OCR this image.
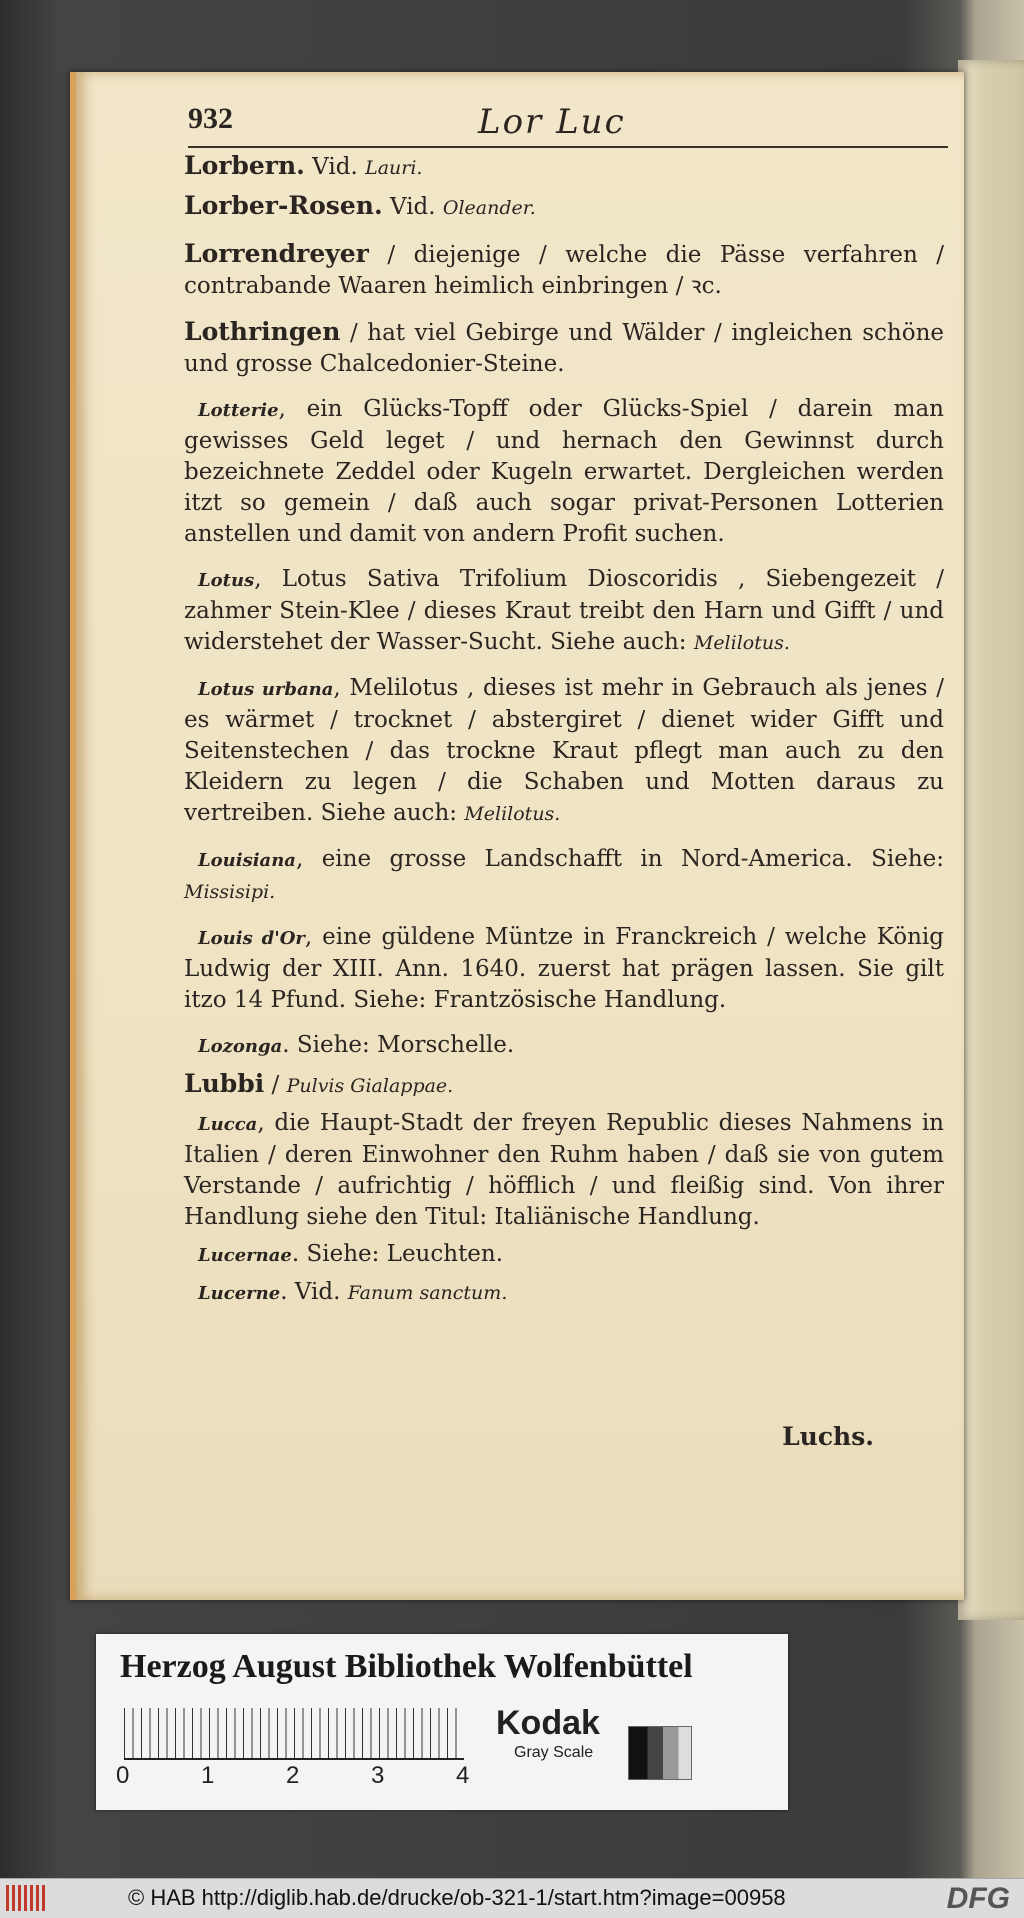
932	Lor Luc

Lorbern. Vid. Lauri.

Lorber-Rosen. Vid. Oleander.

Lorrendreyer / diejenige / welche die Pässe verfahren / contrabande Waaren heimlich einbringen / ꝛc.

Lothringen / hat viel Gebirge und Wälder / ingleichen schöne und grosse Chalcedonier-Steine.

Lotterie, ein Glücks-Topff oder Glücks-Spiel / darein man gewisses Geld leget / und hernach den Gewinnst durch bezeichnete Zeddel oder Kugeln erwartet. Dergleichen werden itzt so gemein / daß auch sogar privat-Personen Lotterien anstellen und damit von andern Profit suchen.

Lotus, Lotus Sativa Trifolium Dioscoridis , Siebengezeit / zahmer Stein-Klee / dieses Kraut treibt den Harn und Gifft / und widerstehet der Wasser-Sucht. Siehe auch: Melilotus.

Lotus urbana, Melilotus , dieses ist mehr in Gebrauch als jenes / es wärmet / trocknet / abstergiret / dienet wider Gifft und Seitenstechen / das trockne Kraut pflegt man auch zu den Kleidern zu legen / die Schaben und Motten daraus zu vertreiben. Siehe auch: Melilotus.

Louisiana, eine grosse Landschafft in Nord-America. Siehe: Missisipi.

Louis d'Or, eine güldene Müntze in Franckreich / welche König Ludwig der XIII. Ann. 1640. zuerst hat prägen lassen. Sie gilt itzo 14 Pfund. Siehe: Frantzösische Handlung.

Lozonga. Siehe: Morschelle.

Lubbi / Pulvis Gialappae.

Lucca, die Haupt-Stadt der freyen Republic dieses Nahmens in Italien / deren Einwohner den Ruhm haben / daß sie von gutem Verstande / aufrichtig / höfflich / und fleißig sind. Von ihrer Handlung siehe den Titul: Italiänische Handlung.

Lucernae. Siehe: Leuchten.

Lucerne. Vid. Fanum sanctum.

Luchs.
Herzog August Bibliothek Wolfenbüttel
0	1	2	3	4
Kodak
Gray Scale
© HAB http://diglib.hab.de/drucke/ob-321-1/start.htm?image=00958	DFG
